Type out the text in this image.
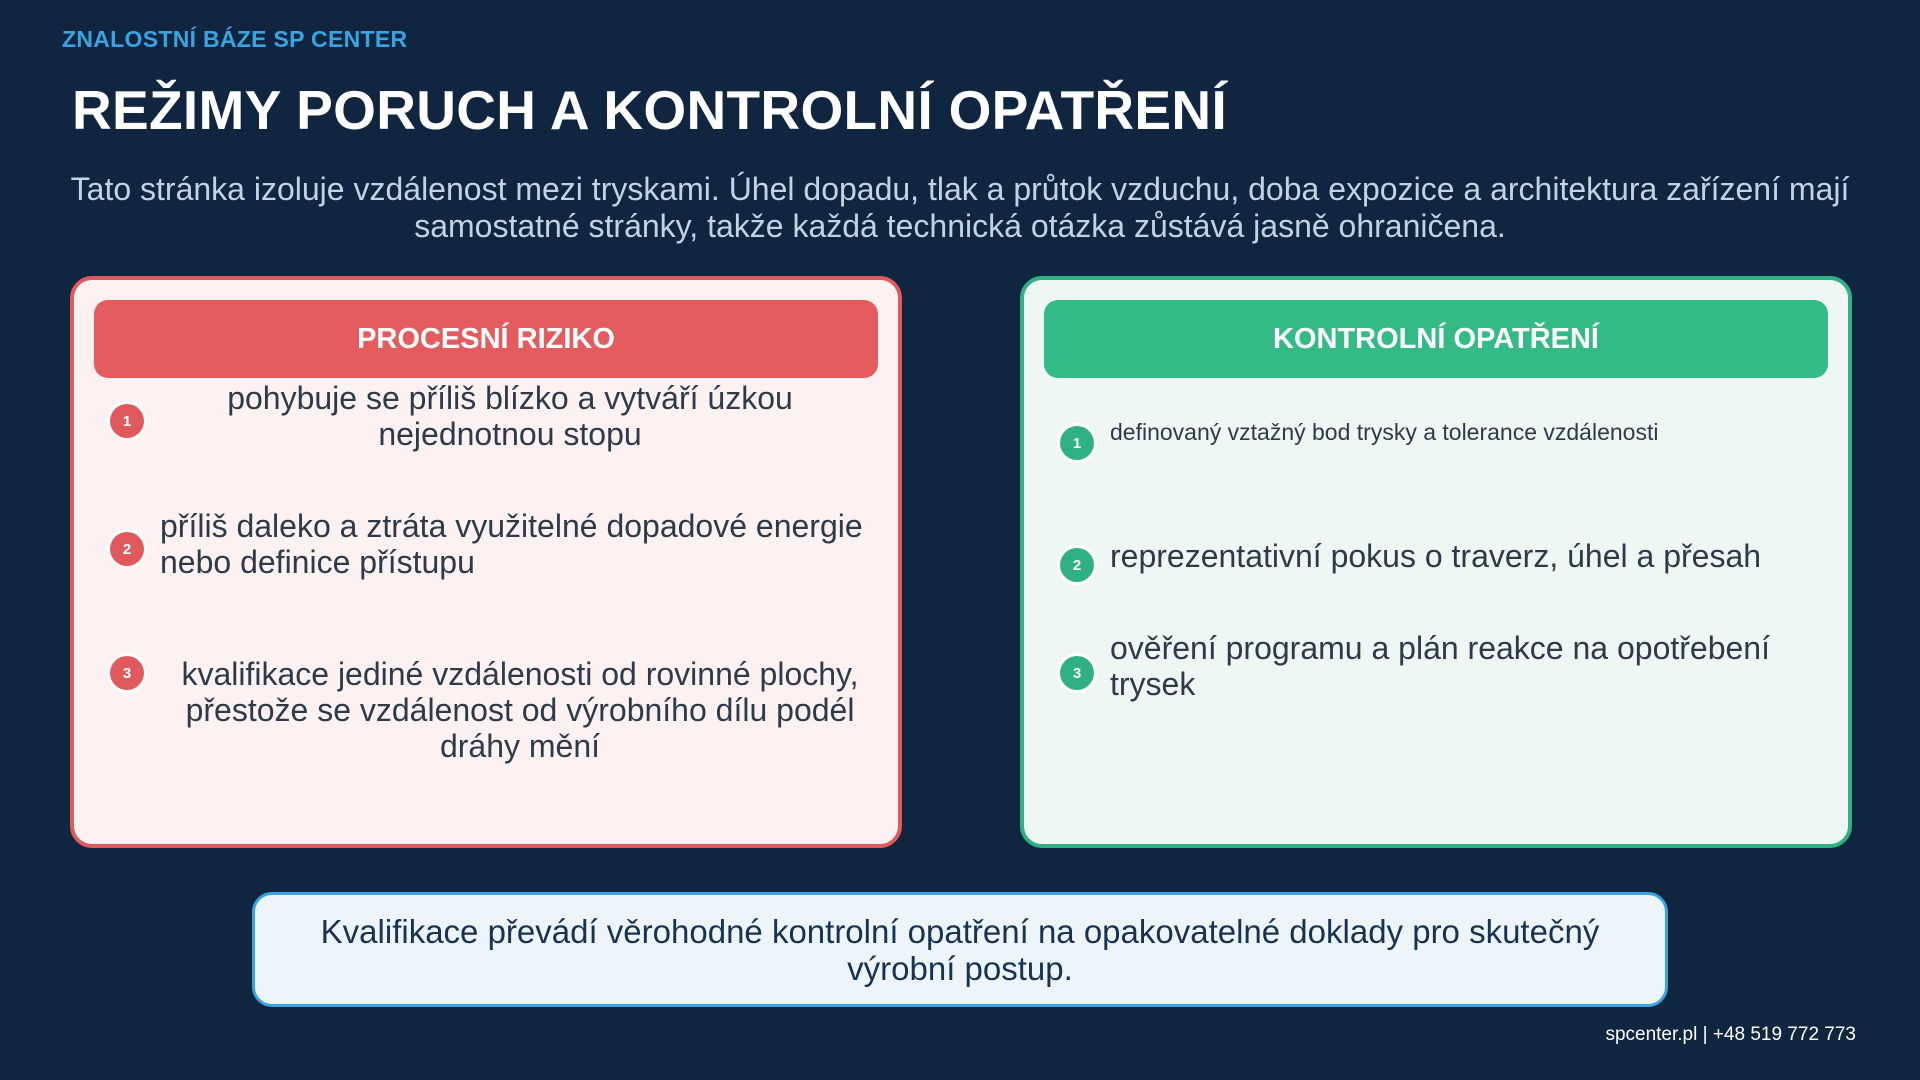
ZNALOSTNÍ BÁZE SP CENTER
REŽIMY PORUCH A KONTROLNÍ OPATŘENÍ
Tato stránka izoluje vzdálenost mezi tryskami. Úhel dopadu, tlak a průtok vzduchu, doba expozice a architektura zařízení mají samostatné stránky, takže každá technická otázka zůstává jasně ohraničena.
PROCESNÍ RIZIKO
1
pohybuje se příliš blízko a vytváří úzkou nejednotnou stopu
2
příliš daleko a ztráta využitelné dopadové energie nebo definice přístupu
3	kvalifikace jediné vzdálenosti od rovinné plochy, přestože se vzdálenost od výrobního dílu podél dráhy mění
KONTROLNÍ OPATŘENÍ
1	definovaný vztažný bod trysky a tolerance vzdálenosti
2 reprezentativní pokus o traverz, úhel a přesah
3
ověření programu a plán reakce na opotřebení trysek
Kvalifikace převádí věrohodné kontrolní opatření na opakovatelné doklady pro skutečný výrobní postup.
spcenter.pl | +48 519 772 773
